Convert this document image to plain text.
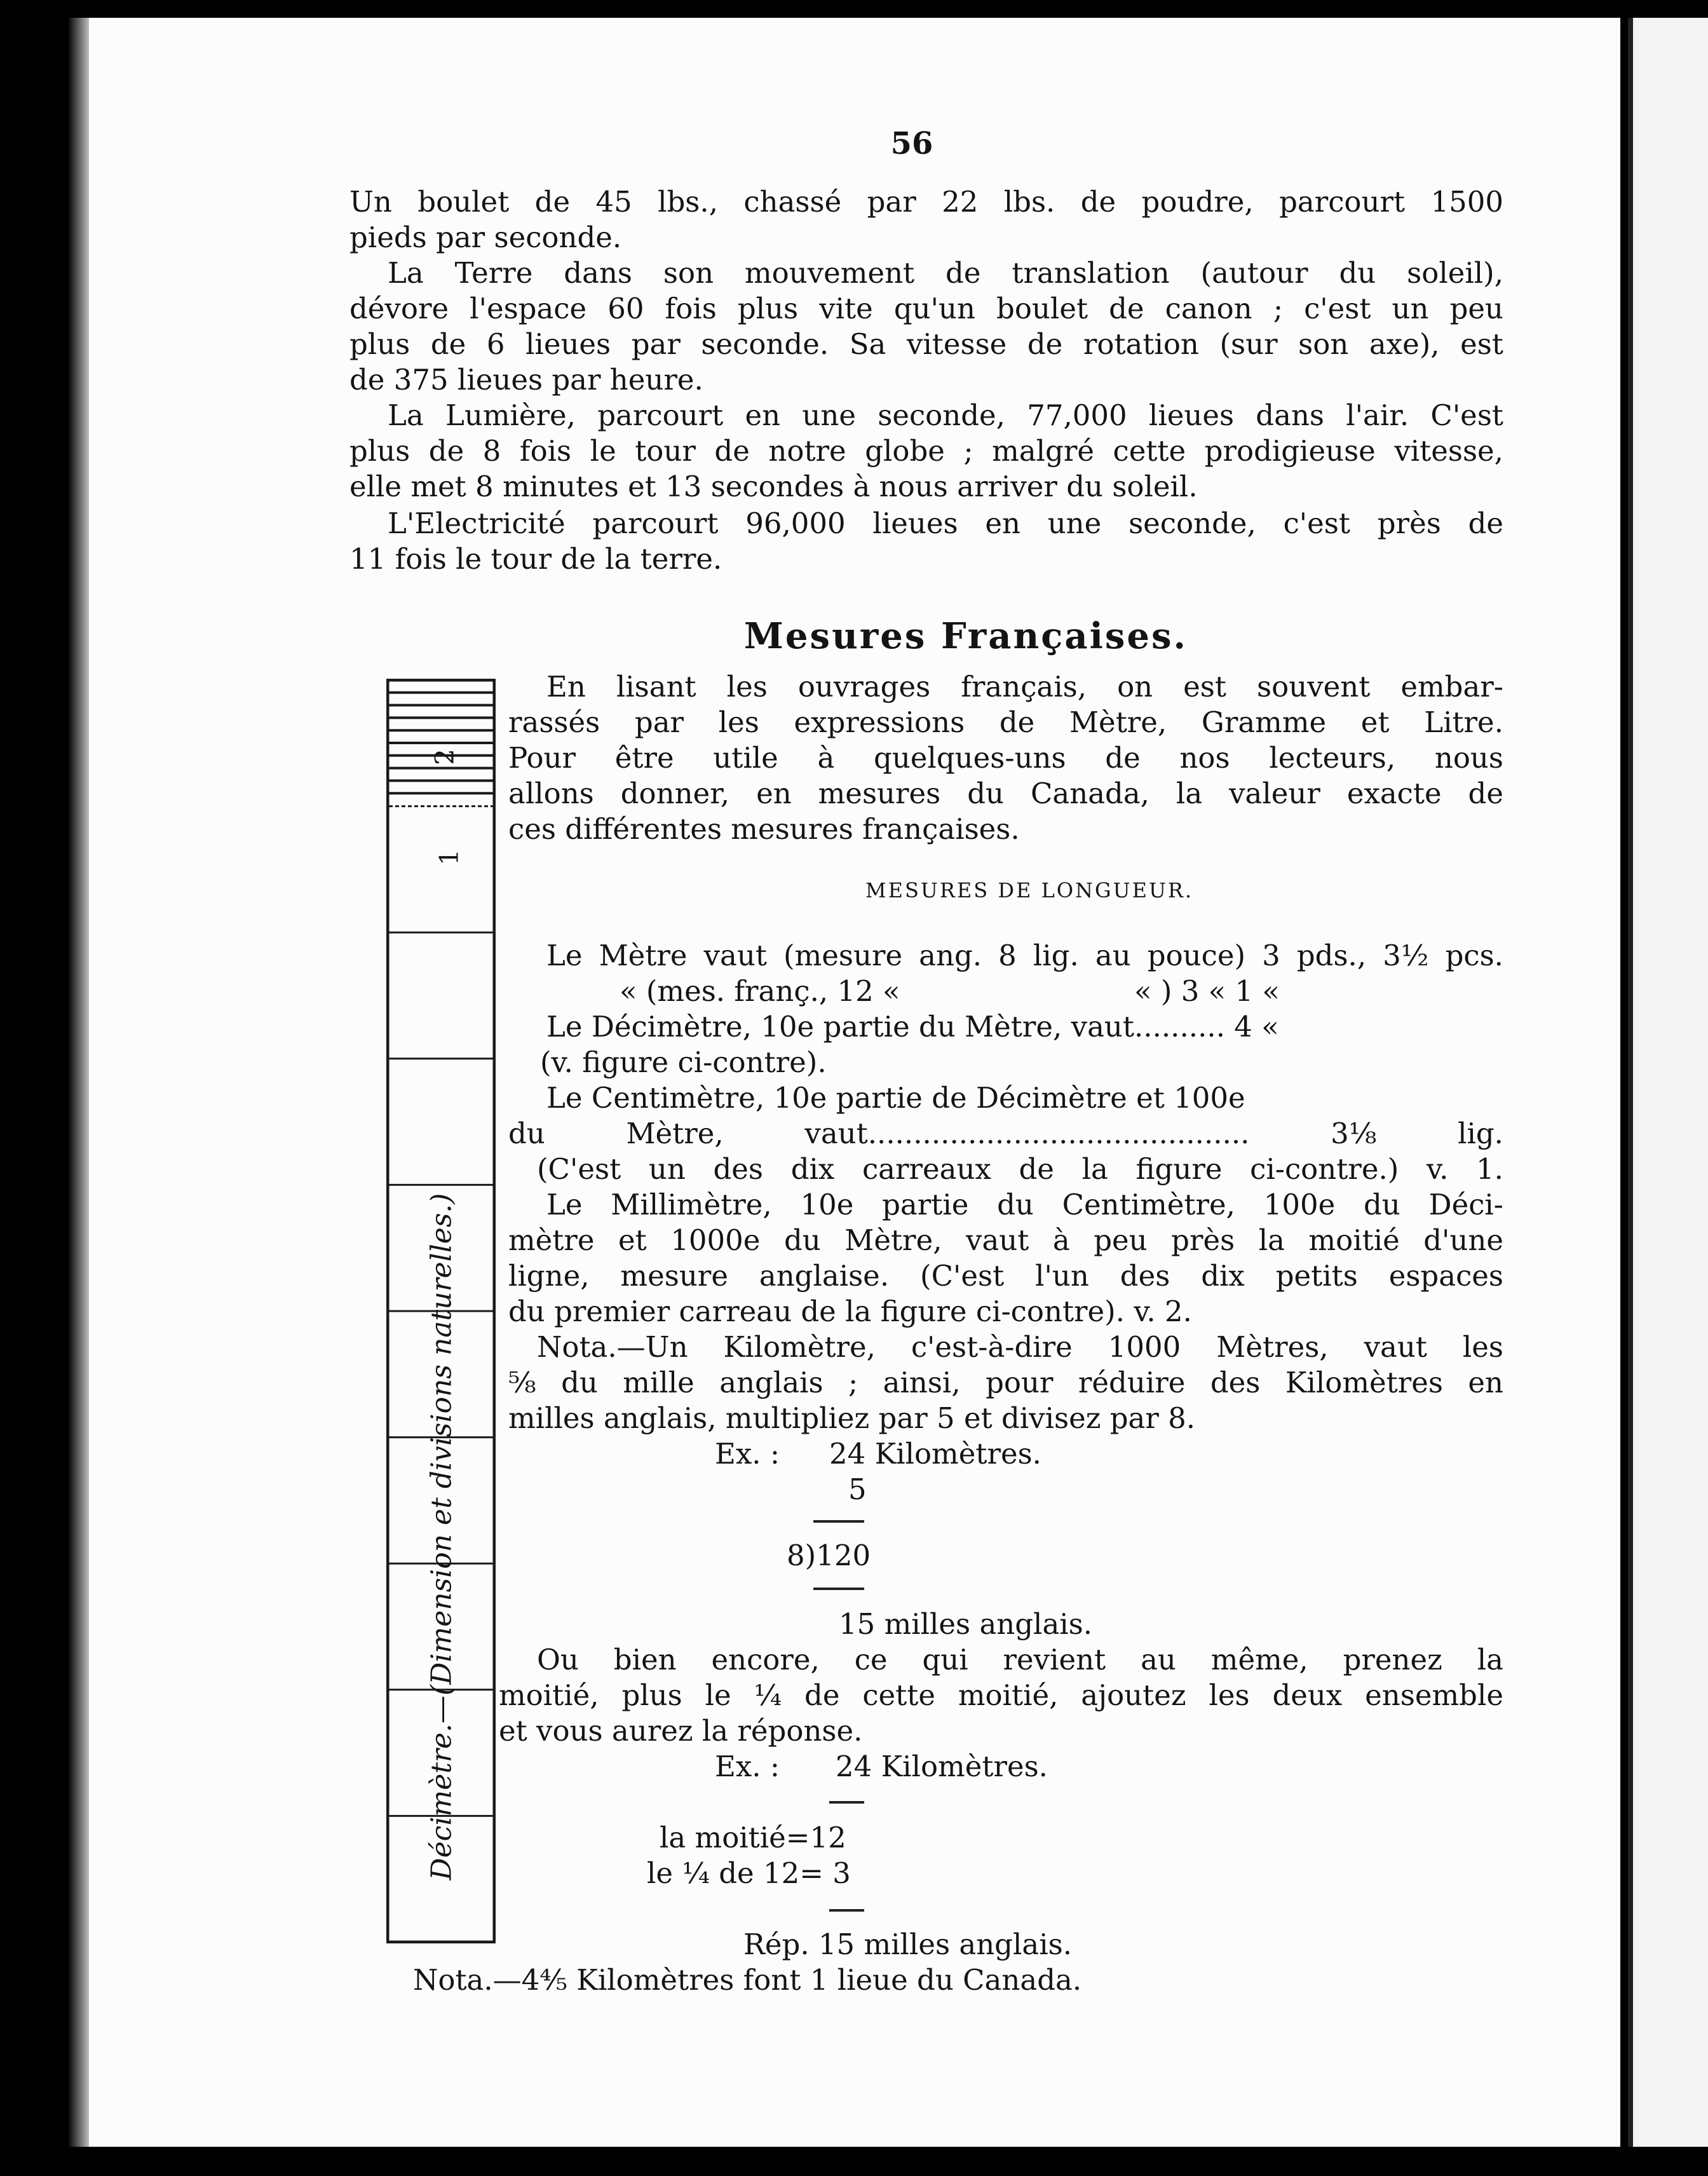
56
Un boulet de 45 lbs., chassé par 22 lbs. de poudre, parcourt 1500
pieds par seconde.
La Terre dans son mouvement de translation (autour du soleil),
dévore l'espace 60 fois plus vite qu'un boulet de canon ; c'est un peu
plus de 6 lieues par seconde. Sa vitesse de rotation (sur son axe), est
de 375 lieues par heure.
La Lumière, parcourt en une seconde, 77,000 lieues dans l'air. C'est
plus de 8 fois le tour de notre globe ; malgré cette prodigieuse vitesse,
elle met 8 minutes et 13 secondes à nous arriver du soleil.
L'Electricité parcourt 96,000 lieues en une seconde, c'est près de
11 fois le tour de la terre.
Mesures Françaises.
Décimètre.—(Dimension et divisions naturelles.)
2
1
En lisant les ouvrages français, on est souvent embar-
rassés par les expressions de Mètre, Gramme et Litre.
Pour être utile à quelques-uns de nos lecteurs, nous
allons donner, en mesures du Canada, la valeur exacte de
ces différentes mesures françaises.
MESURES DE LONGUEUR.
Le Mètre vaut (mesure ang. 8 lig. au pouce) 3 pds., 3½ pcs.
« (mes. franç., 12 «	« ) 3 « 1 «
Le Décimètre, 10e partie du Mètre, vaut.......... 4 «
(v. figure ci-contre).
Le Centimètre, 10e partie de Décimètre et 100e
du Mètre, vaut.......................................... 3⅛ lig.
(C'est un des dix carreaux de la figure ci-contre.) v. 1.
Le Millimètre, 10e partie du Centimètre, 100e du Déci-
mètre et 1000e du Mètre, vaut à peu près la moitié d'une
ligne, mesure anglaise. (C'est l'un des dix petits espaces
du premier carreau de la figure ci-contre). v. 2.
Nota.—Un Kilomètre, c'est-à-dire 1000 Mètres, vaut les
⅝ du mille anglais ; ainsi, pour réduire des Kilomètres en
milles anglais, multipliez par 5 et divisez par 8.
Ex. : 24 Kilomètres.
5
8)120
15 milles anglais.
Ou bien encore, ce qui revient au même, prenez la
moitié, plus le ¼ de cette moitié, ajoutez les deux ensemble
et vous aurez la réponse.
Ex. : 24 Kilomètres.
la moitié=12
le ¼ de 12= 3
Rép. 15 milles anglais.
Nota.—4⅘ Kilomètres font 1 lieue du Canada.
